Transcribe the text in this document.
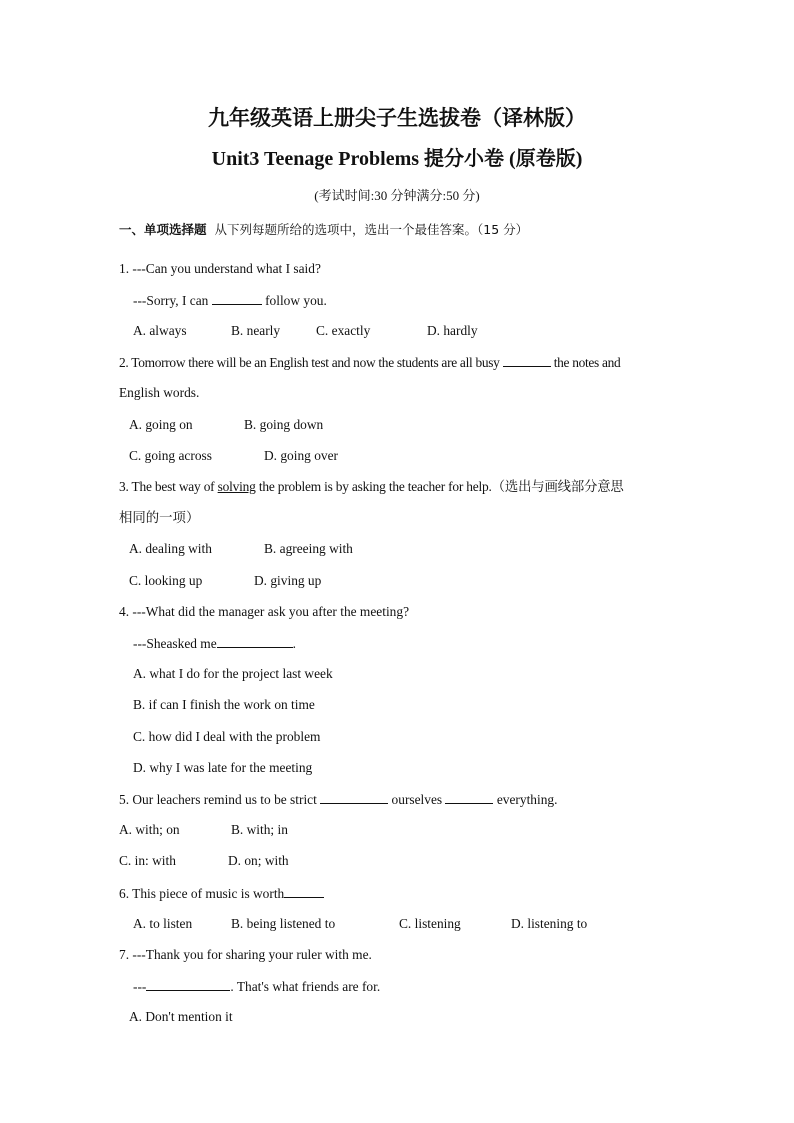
九年级英语上册尖子生选拔卷（译林版）
Unit3 Teenage Problems 提分小卷 (原卷版)
(考试时间:30 分钟满分:50 分)
一、单项选择题 从下列每题所给的选项中，选出一个最佳答案。（15 分）
1. ---Can you understand what I said?
---Sorry, I can	follow you.
A. always	B. nearly	C. exactly	D. hardly
2. Tomorrow there will be an English test and now the students are all busy	the notes and
English words.
A. going on	B. going down
C. going across	D. going over
3. The best way of solving the problem is by asking the teacher for help.（选出与画线部分意思
相同的一项）
A. dealing with	B. agreeing with
C. looking up	D. giving up
4. ---What did the manager ask you after the meeting?
---Sheasked me	.
A. what I do for the project last week
B. if can I finish the work on time
C. how did I deal with the problem
D. why I was late for the meeting
5. Our leachers remind us to be strict	ourselves	everything.
A. with; on	B. with; in
C. in: with	D. on; with
6. This piece of music is worth
A. to listen	B. being listened to	C. listening	D. listening to
7. ---Thank you for sharing your ruler with me.
---	. That's what friends are for.
A. Don't mention it
